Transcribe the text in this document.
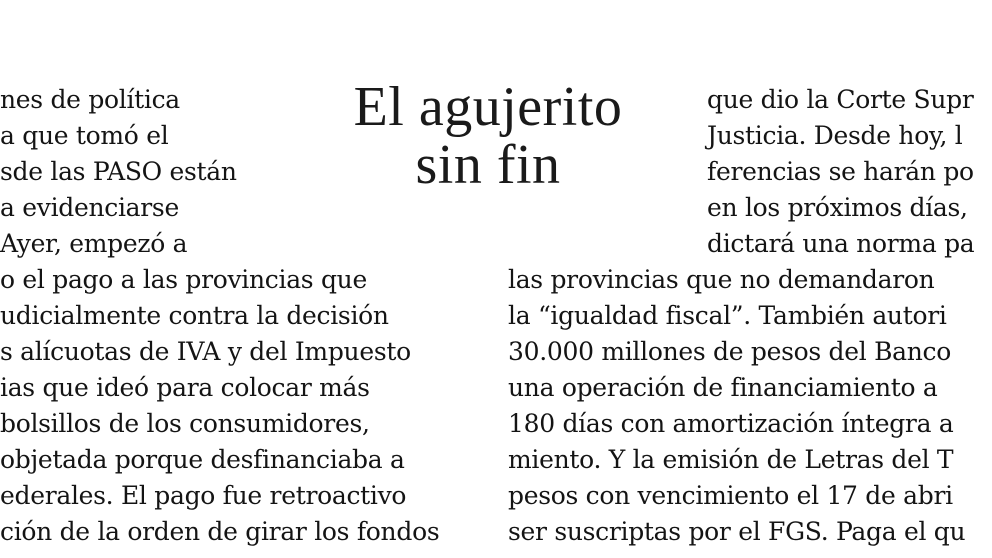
El agujerito
sin fin
nes de política
a que tomó el
sde las PASO están
a evidenciarse
Ayer, empezó a
o el pago a las provincias que
udicialmente contra la decisión
s alícuotas de IVA y del Impuesto
ias que ideó para colocar más
bolsillos de los consumidores,
objetada porque desfinanciaba a
ederales. El pago fue retroactivo
ción de la orden de girar los fondos
que dio la Corte Supr
Justicia. Desde hoy, l
ferencias se harán po
en los próximos días,
dictará una norma pa
las provincias que no demandaron
la “igualdad fiscal”. También autori
30.000 millones de pesos del Banco
una operación de financiamiento a
180 días con amortización íntegra a
miento. Y la emisión de Letras del T
pesos con vencimiento el 17 de abri
ser suscriptas por el FGS. Paga el qu
